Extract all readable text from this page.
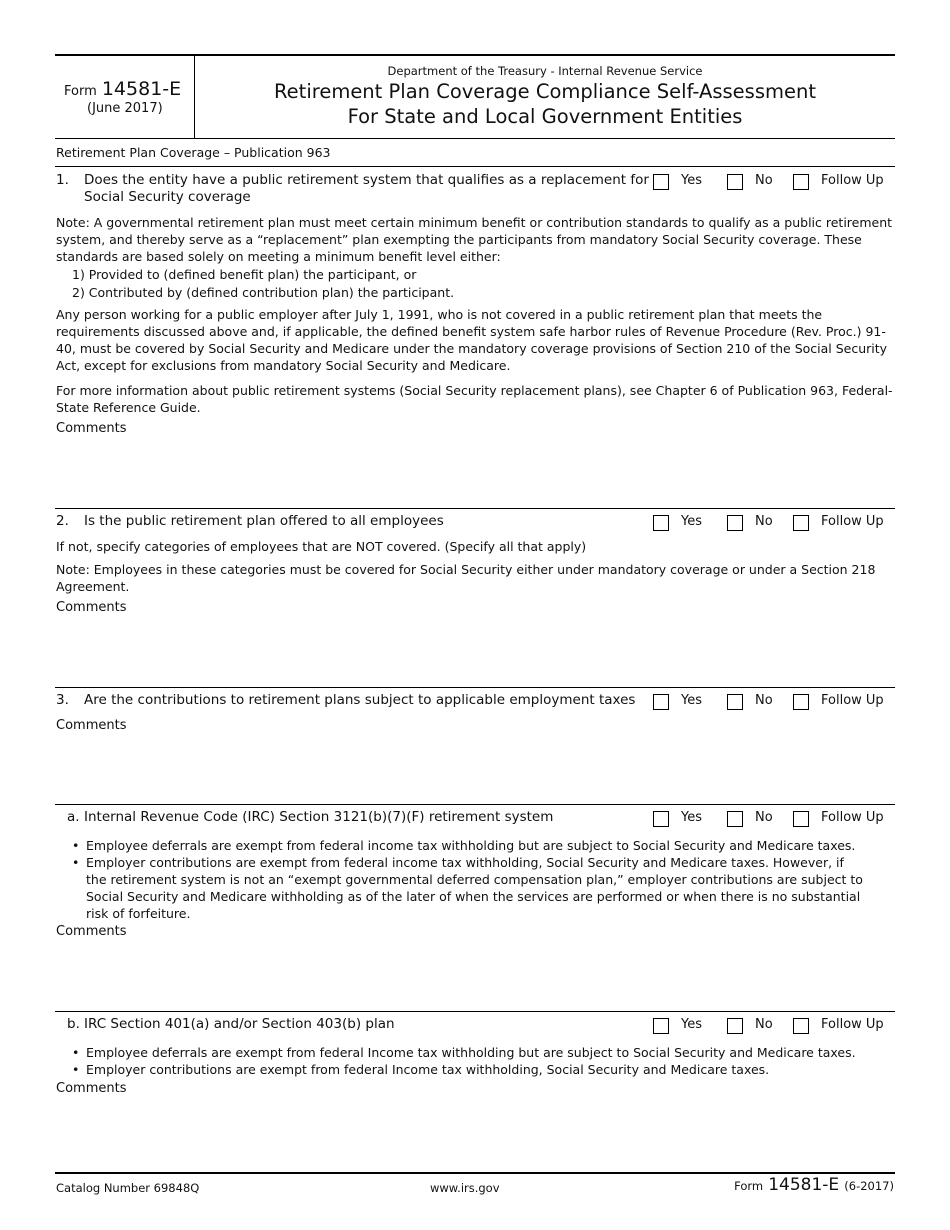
Form 14581-E
(June 2017)
Department of the Treasury - Internal Revenue Service
Retirement Plan Coverage Compliance Self-Assessment
For State and Local Government Entities
Retirement Plan Coverage – Publication 963
1. Does the entity have a public retirement system that qualifies as a replacement for
Social Security coverage
Yes	No	Follow Up
Note: A governmental retirement plan must meet certain minimum benefit or contribution standards to qualify as a public retirement system, and thereby serve as a “replacement” plan exempting the participants from mandatory Social Security coverage. These standards are based solely on meeting a minimum benefit level either:
1) Provided to (defined benefit plan) the participant, or
2) Contributed by (defined contribution plan) the participant.
Any person working for a public employer after July 1, 1991, who is not covered in a public retirement plan that meets the requirements discussed above and, if applicable, the defined benefit system safe harbor rules of Revenue Procedure (Rev. Proc.) 91-40, must be covered by Social Security and Medicare under the mandatory coverage provisions of Section 210 of the Social Security Act, except for exclusions from mandatory Social Security and Medicare.
For more information about public retirement systems (Social Security replacement plans), see Chapter 6 of Publication 963, Federal-State Reference Guide.
Comments
2. Is the public retirement plan offered to all employees	Yes	No	Follow Up
If not, specify categories of employees that are NOT covered. (Specify all that apply)
Note: Employees in these categories must be covered for Social Security either under mandatory coverage or under a Section 218 Agreement.
Comments
3. Are the contributions to retirement plans subject to applicable employment taxes	Yes	No	Follow Up
Comments
a. Internal Revenue Code (IRC) Section 3121(b)(7)(F) retirement system	Yes	No	Follow Up
• Employee deferrals are exempt from federal income tax withholding but are subject to Social Security and Medicare taxes.
• Employer contributions are exempt from federal income tax withholding, Social Security and Medicare taxes. However, if the retirement system is not an “exempt governmental deferred compensation plan,” employer contributions are subject to Social Security and Medicare withholding as of the later of when the services are performed or when there is no substantial risk of forfeiture.
Comments
b. IRC Section 401(a) and/or Section 403(b) plan	Yes	No	Follow Up
• Employee deferrals are exempt from federal Income tax withholding but are subject to Social Security and Medicare taxes.
• Employer contributions are exempt from federal Income tax withholding, Social Security and Medicare taxes.
Comments
Catalog Number 69848Q	www.irs.gov	Form 14581-E (6-2017)
